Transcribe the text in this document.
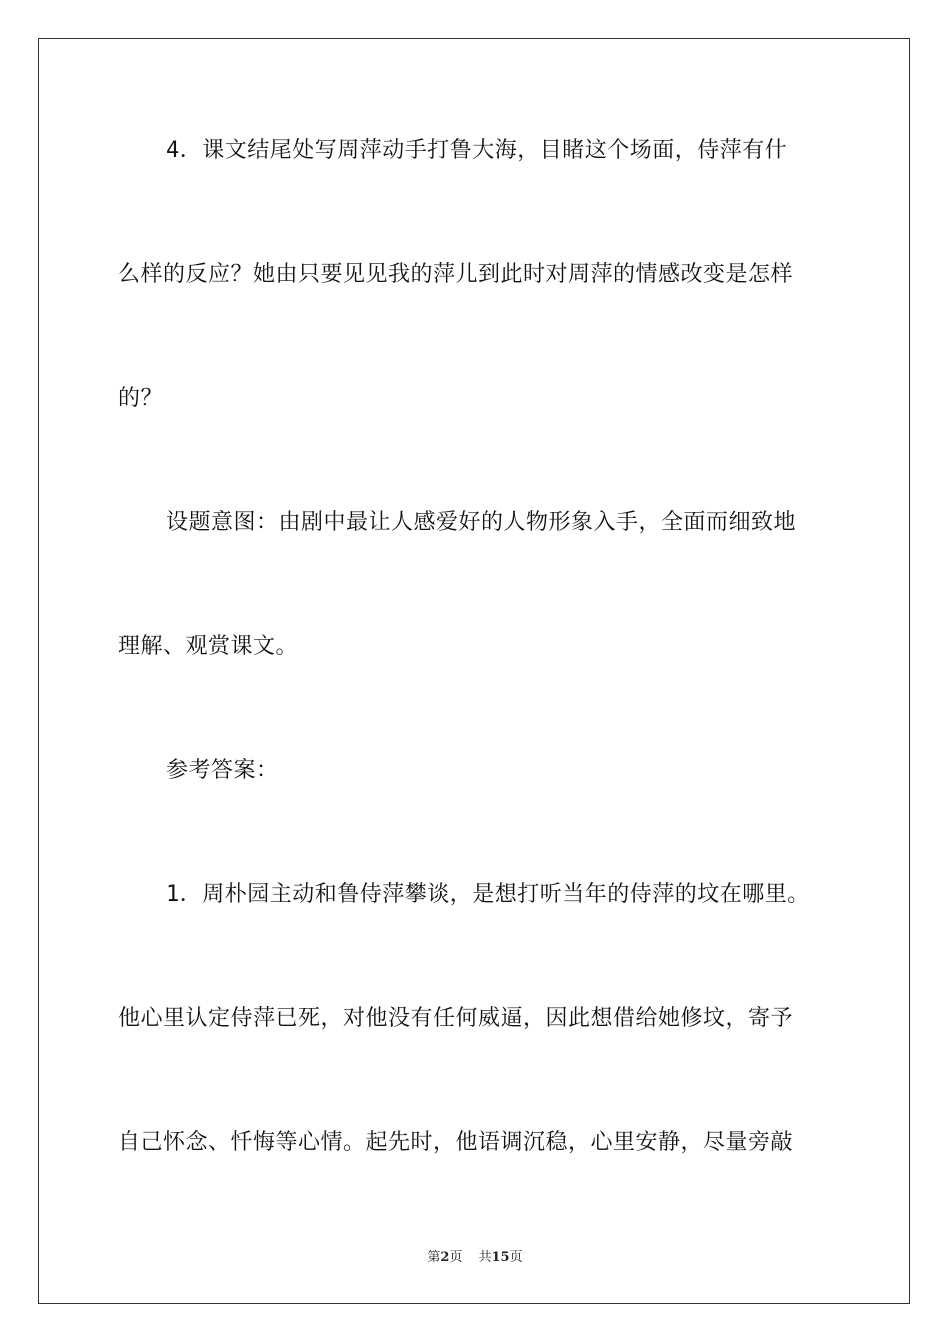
4．课文结尾处写周萍动手打鲁大海，目睹这个场面，侍萍有什
么样的反应？她由只要见见我的萍儿到此时对周萍的情感改变是怎样
的？
设题意图：由剧中最让人感爱好的人物形象入手，全面而细致地
理解、观赏课文。
参考答案：
1．周朴园主动和鲁侍萍攀谈，是想打听当年的侍萍的坟在哪里。
他心里认定侍萍已死，对他没有任何威逼，因此想借给她修坟，寄予
自己怀念、忏悔等心情。起先时，他语调沉稳，心里安静，尽量旁敲
第2页 共15页
